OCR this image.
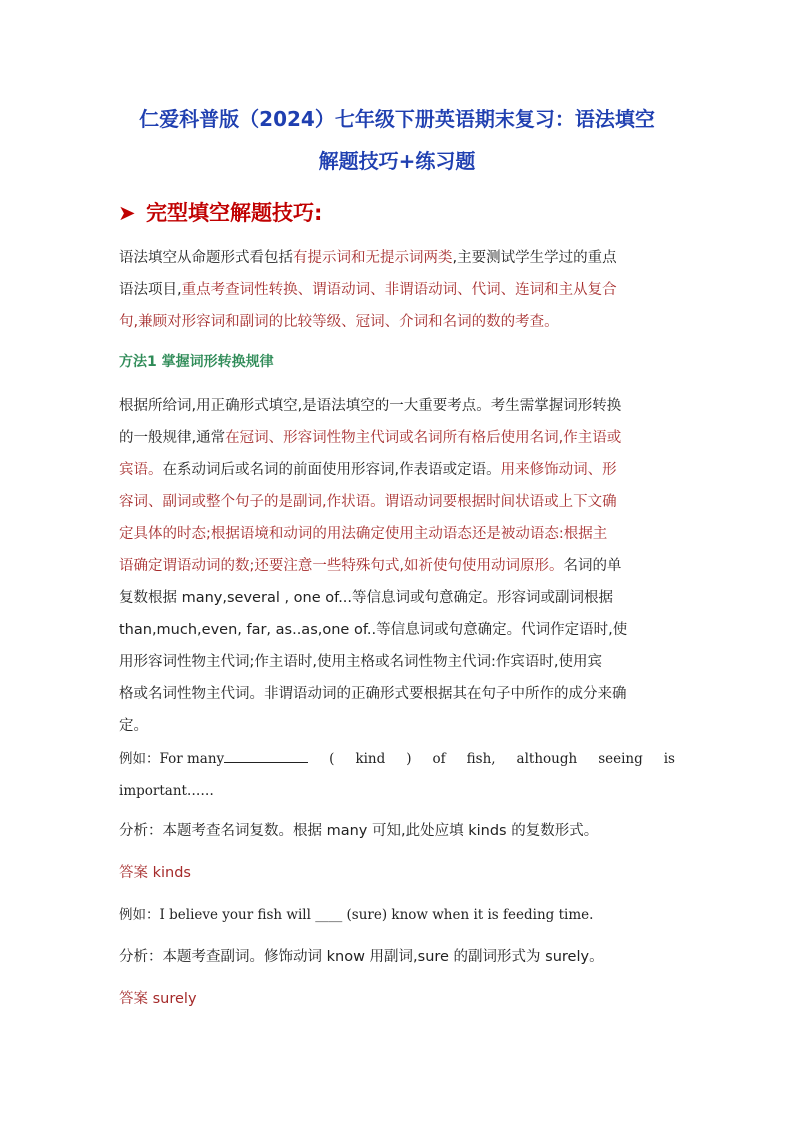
仁爱科普版（2024）七年级下册英语期末复习：语法填空
解题技巧+练习题
➤ 完型填空解题技巧:
语法填空从命题形式看包括有提示词和无提示词两类,主要测试学生学过的重点
语法项目,重点考查词性转换、谓语动词、非谓语动词、代词、连词和主从复合
句,兼顾对形容词和副词的比较等级、冠词、介词和名词的数的考查。
方法1 掌握词形转换规律
根据所给词,用正确形式填空,是语法填空的一大重要考点。考生需掌握词形转换
的一般规律,通常在冠词、形容词性物主代词或名词所有格后使用名词,作主语或
宾语。在系动词后或名词的前面使用形容词,作表语或定语。用来修饰动词、形
容词、副词或整个句子的是副词,作状语。谓语动词要根据时间状语或上下文确
定具体的时态;根据语境和动词的用法确定使用主动语态还是被动语态:根据主
语确定谓语动词的数;还要注意一些特殊句式,如祈使句使用动词原形。名词的单
复数根据 many,several , one of...等信息词或句意确定。形容词或副词根据
than,much,even, far, as..as,one of..等信息词或句意确定。代词作定语时,使
用形容词性物主代词;作主语时,使用主格或名词性物主代词:作宾语时,使用宾
格或名词性物主代词。非谓语动词的正确形式要根据其在句子中所作的成分来确
定。
例如：For many	( kind ) of fish, although seeing is
important……
分析：本题考查名词复数。根据 many 可知,此处应填 kinds 的复数形式。
答案 kinds
例如：I believe your fish will ____ (sure) know when it is feeding time.
分析：本题考查副词。修饰动词 know 用副词,sure 的副词形式为 surely。
答案 surely
